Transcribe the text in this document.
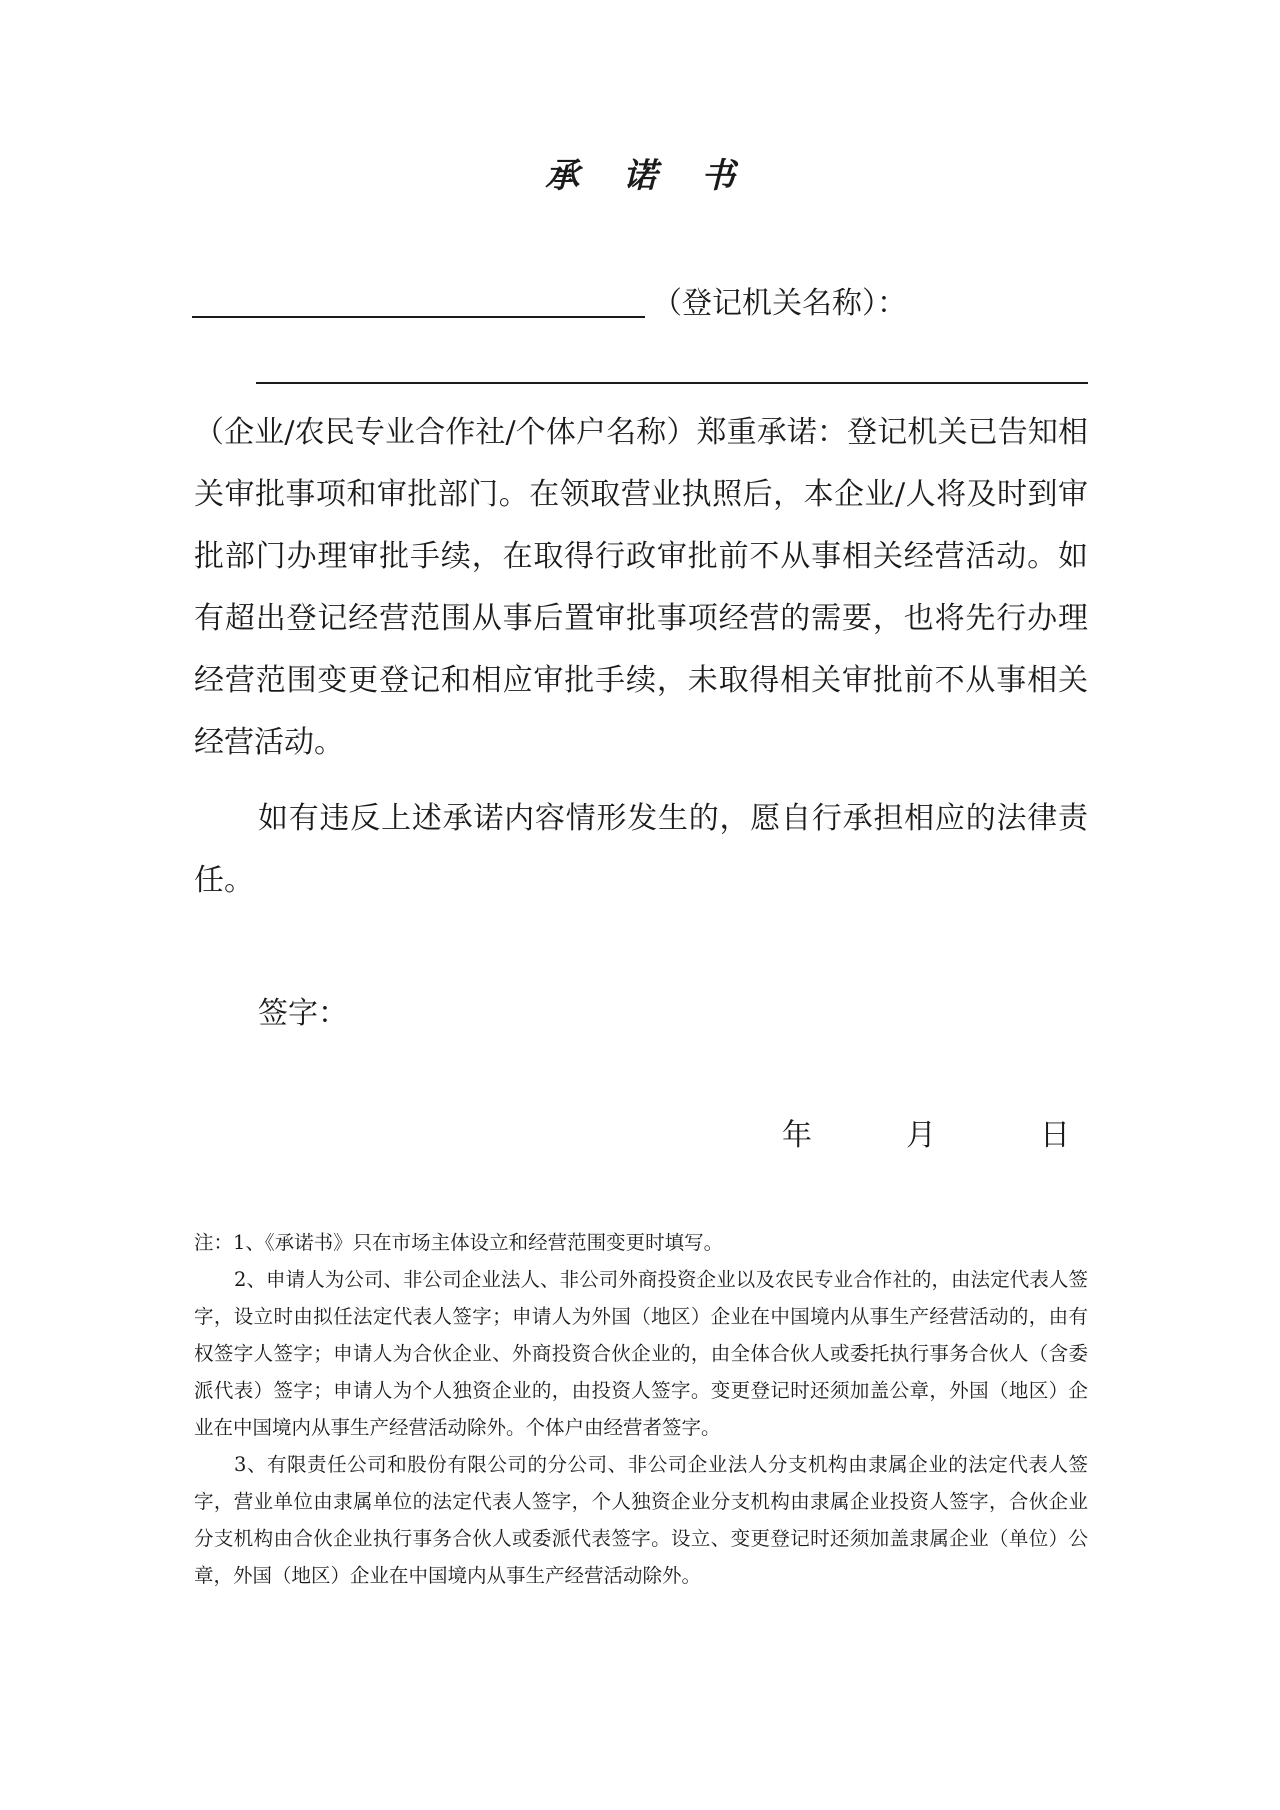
承诺书
（登记机关名称）：
（企业/农民专业合作社/个体户名称）郑重承诺：登记机关已告知相关审批事项和审批部门。在领取营业执照后，本企业/人将及时到审批部门办理审批手续，在取得行政审批前不从事相关经营活动。如有超出登记经营范围从事后置审批事项经营的需要，也将先行办理经营范围变更登记和相应审批手续，未取得相关审批前不从事相关经营活动。
如有违反上述承诺内容情形发生的，愿自行承担相应的法律责任。
签字：
年	月	日

注：1、《承诺书》只在市场主体设立和经营范围变更时填写。

2、申请人为公司、非公司企业法人、非公司外商投资企业以及农民专业合作社的，由法定代表人签字，设立时由拟任法定代表人签字；申请人为外国（地区）企业在中国境内从事生产经营活动的，由有权签字人签字；申请人为合伙企业、外商投资合伙企业的，由全体合伙人或委托执行事务合伙人（含委派代表）签字；申请人为个人独资企业的，由投资人签字。变更登记时还须加盖公章，外国（地区）企业在中国境内从事生产经营活动除外。个体户由经营者签字。

3、有限责任公司和股份有限公司的分公司、非公司企业法人分支机构由隶属企业的法定代表人签字，营业单位由隶属单位的法定代表人签字，个人独资企业分支机构由隶属企业投资人签字，合伙企业分支机构由合伙企业执行事务合伙人或委派代表签字。设立、变更登记时还须加盖隶属企业（单位）公章，外国（地区）企业在中国境内从事生产经营活动除外。
